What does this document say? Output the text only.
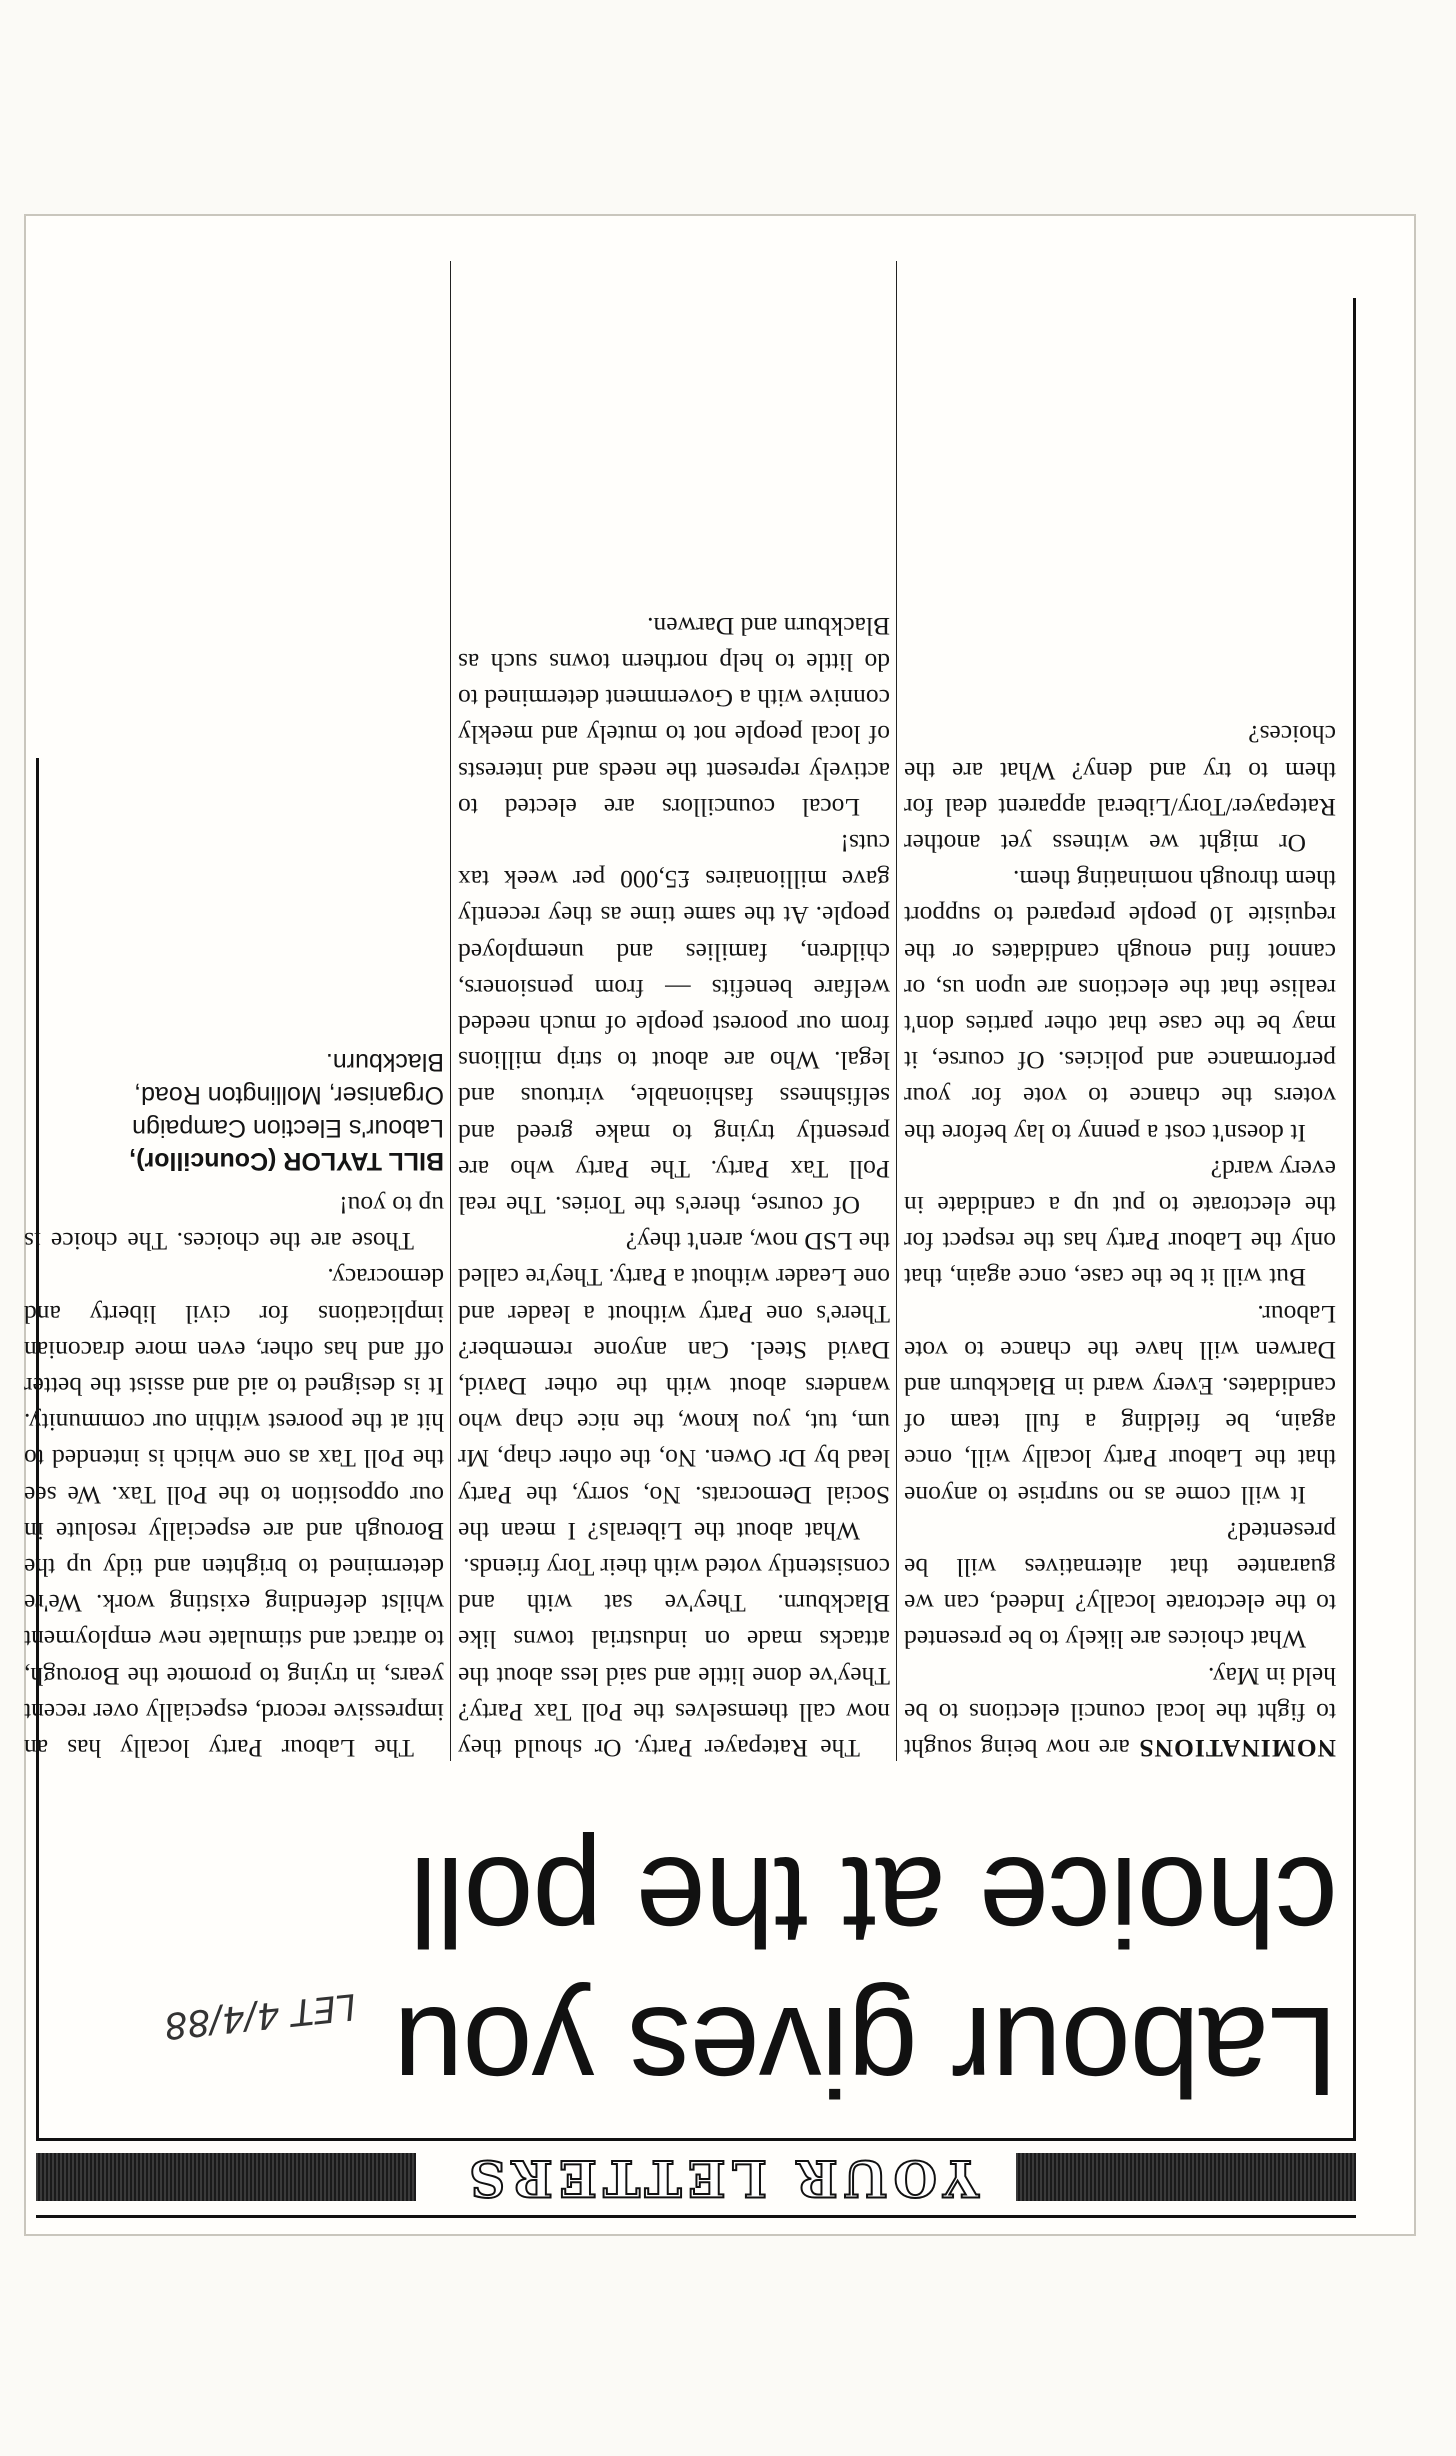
YOUR LETTERS
Labour gives you choice at the poll
LET 4/4/88

NOMINATIONS are now being sought to fight the local council elections to be held in May.

What choices are likely to be presented to the electorate locally? Indeed, can we guarantee that alternatives will be presented?

It will come as no surprise to anyone that the Labour Party locally will, once again, be fielding a full team of candidates. Every ward in Blackburn and Darwen will have the chance to vote Labour.

But will it be the case, once again, that only the Labour Party has the respect for the electorate to put up a candidate in every ward?

It doesn't cost a penny to lay before the voters the chance to vote for your performance and policies. Of course, it may be the case that other parties don't realise that the elections are upon us, or cannot find enough candidates or the requisite 10 people prepared to support them through nominating them.

Or might we witness yet another Ratepayer/Tory/Liberal apparent deal for them to try and deny? What are the choices?

The Ratepayer Party. Or should they now call themselves the Poll Tax Party? They've done little and said less about the attacks made on industrial towns like Blackburn. They've sat with and consistently voted with their Tory friends.

What about the Liberals? I mean the Social Democrats. No, sorry, the Party lead by Dr Owen. No, the other chap, Mr um, tut, you know, the nice chap who wanders about with the other David, David Steel. Can anyone remember? There's one Party without a leader and one Leader without a Party. They're called the LSD now, aren't they?

Of course, there's the Tories. The real Poll Tax Party. The Party who are presently trying to make greed and selfishness fashionable, virtuous and legal. Who are about to strip millions from our poorest people of much needed welfare benefits — from pensioners, children, families and unemployed people. At the same time as they recently gave millionaires £5,000 per week tax cuts!

Local councillors are elected to actively represent the needs and interests of local people not to mutely and meekly connive with a Government determined to do little to help northern towns such as Blackburn and Darwen.

The Labour Party locally has an impressive record, especially over recent years, in trying to promote the Borough, to attract and stimulate new employment whilst defending existing work. We're determined to brighten and tidy up the Borough and are especially resolute in our opposition to the Poll Tax. We see the Poll Tax as one which is intended to hit at the poorest within our community. It is designed to aid and assist the better off and has other, even more draconian implications for civil liberty and democracy.

Those are the choices. The choice is up to you!

BILL TAYLOR (Councillor),
Labour's Election Campaign Organiser, Mollington Road, Blackburn.
